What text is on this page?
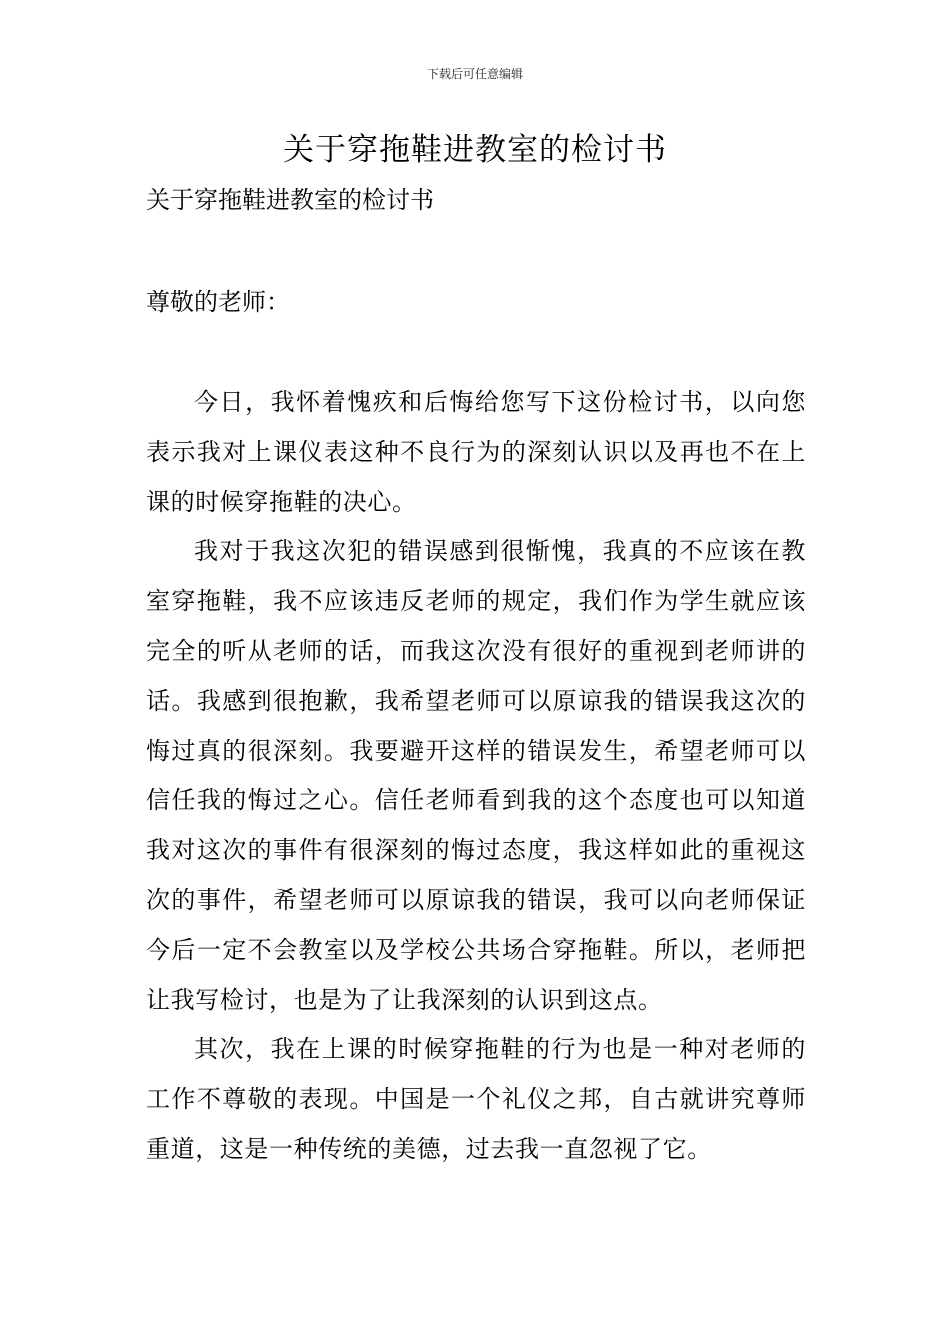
下载后可任意编辑
关于穿拖鞋进教室的检讨书

关于穿拖鞋进教室的检讨书

尊敬的老师：

今日，我怀着愧疚和后悔给您写下这份检讨书，以向您表示我对上课仪表这种不良行为的深刻认识以及再也不在上课的时候穿拖鞋的决心。

我对于我这次犯的错误感到很惭愧，我真的不应该在教室穿拖鞋，我不应该违反老师的规定，我们作为学生就应该完全的听从老师的话，而我这次没有很好的重视到老师讲的话。我感到很抱歉，我希望老师可以原谅我的错误我这次的悔过真的很深刻。我要避开这样的错误发生，希望老师可以信任我的悔过之心。信任老师看到我的这个态度也可以知道我对这次的事件有很深刻的悔过态度，我这样如此的重视这次的事件，希望老师可以原谅我的错误，我可以向老师保证今后一定不会教室以及学校公共场合穿拖鞋。所以，老师把让我写检讨，也是为了让我深刻的认识到这点。

其次，我在上课的时候穿拖鞋的行为也是一种对老师的工作不尊敬的表现。中国是一个礼仪之邦，自古就讲究尊师重道，这是一种传统的美德，过去我一直忽视了它。
